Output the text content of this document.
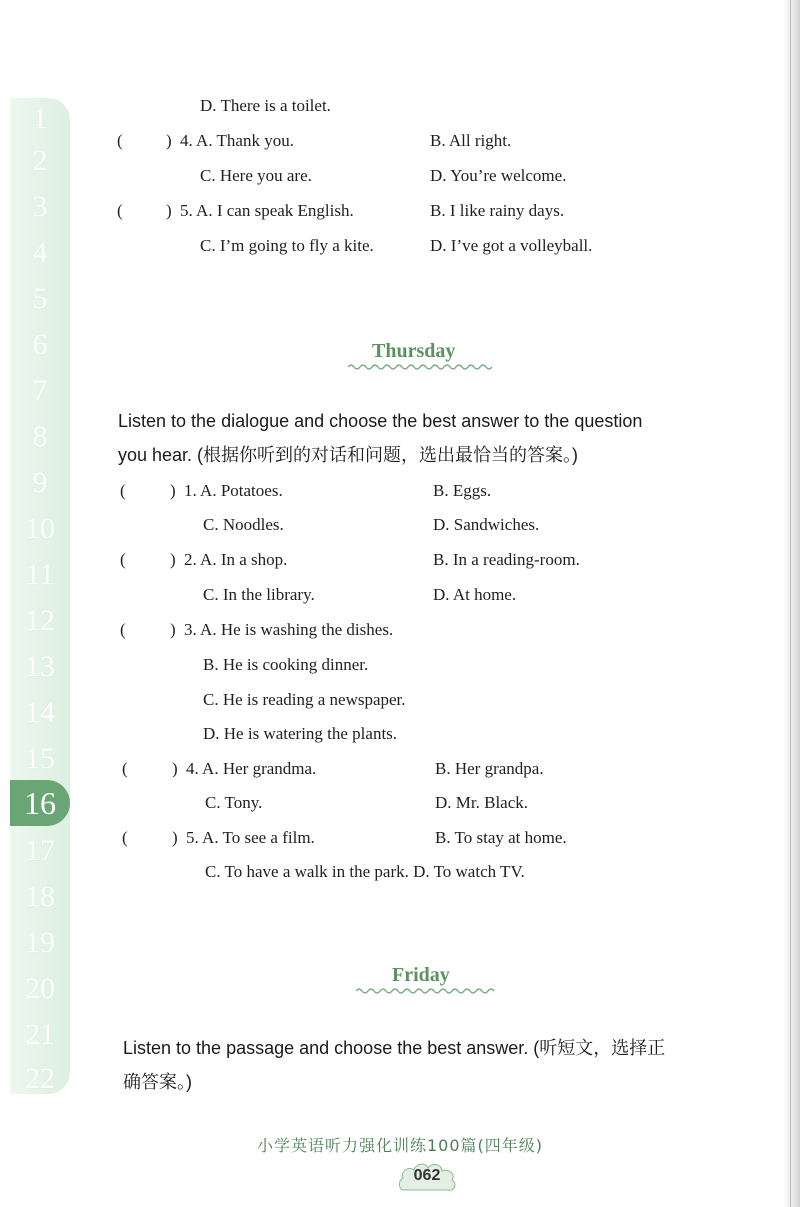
1
2
3
4
5
6
7
8
9
10
11
12
13
14
15
17
18
19
20
21
22
16
D. There is a toilet.
(	) 4. A. Thank you.	B. All right.
C. Here you are.	D. You’re welcome.
(	) 5. A. I can speak English.	B. I like rainy days.
C. I’m going to fly a kite.	D. I’ve got a volleyball.
Thursday
Listen to the dialogue and choose the best answer to the question
you hear. (根据你听到的对话和问题，选出最恰当的答案。)
(	) 1. A. Potatoes.	B. Eggs.
C. Noodles.	D. Sandwiches.
(	) 2. A. In a shop.	B. In a reading-room.
C. In the library.	D. At home.
(	) 3. A. He is washing the dishes.
B. He is cooking dinner.
C. He is reading a newspaper.
D. He is watering the plants.
(	) 4. A. Her grandma.	B. Her grandpa.
C. Tony.	D. Mr. Black.
(	) 5. A. To see a film.	B. To stay at home.
C. To have a walk in the park. D. To watch TV.
Friday
Listen to the passage and choose the best answer. (听短文，选择正
确答案。)
小学英语听力强化训练100篇(四年级)
062
